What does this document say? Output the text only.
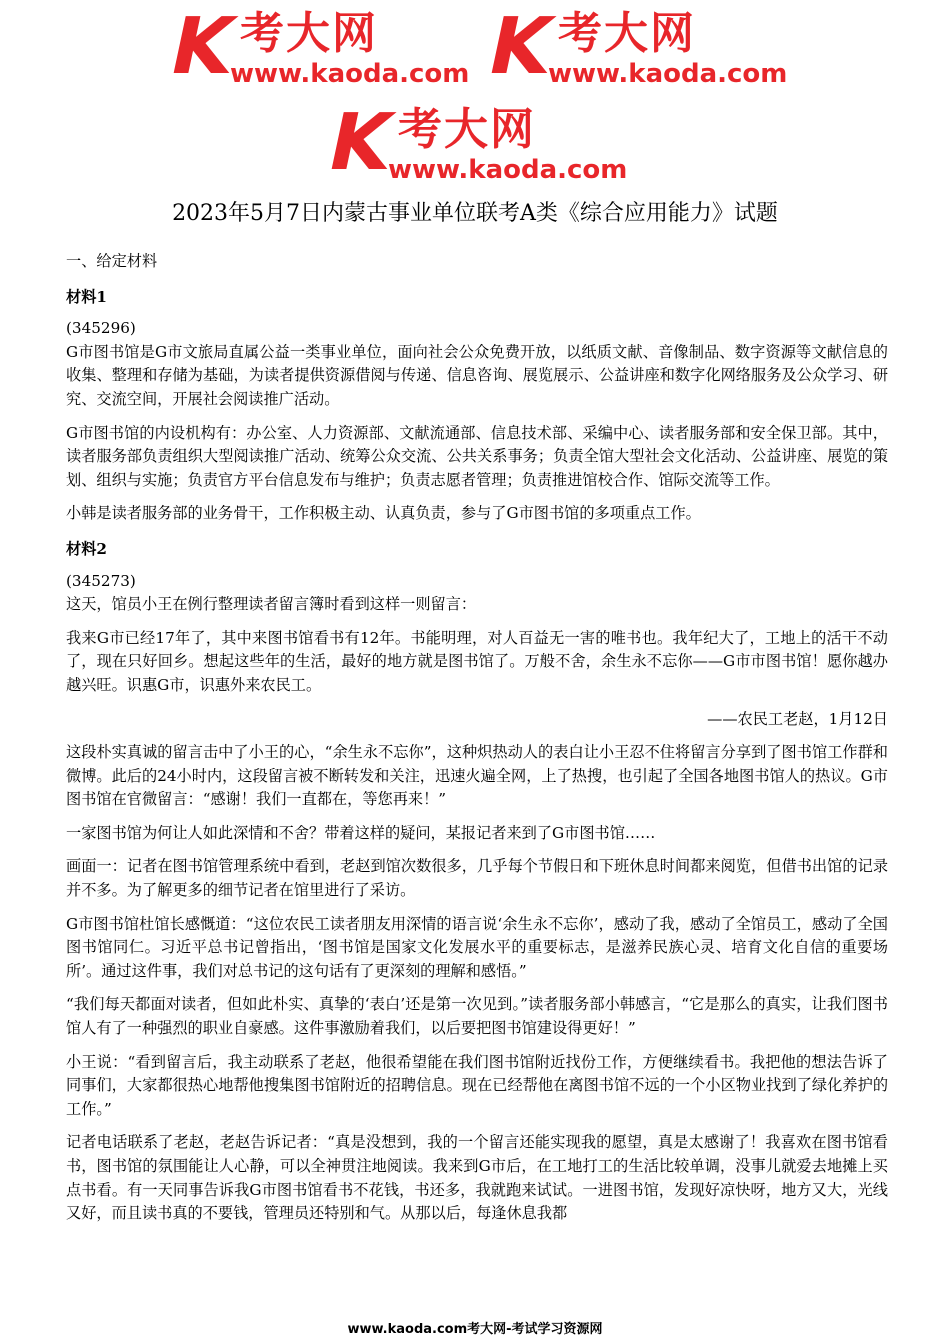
K
考大网
www.kaoda.com K
考大网
www.kaoda.com
K
考大网
www.kaoda.com
2023年5月7日内蒙古事业单位联考A类《综合应用能力》试题

一、给定材料

材料1

(345296)

G市图书馆是G市文旅局直属公益一类事业单位，面向社会公众免费开放，以纸质文献、音像制品、数字资源等文献信息的收集、整理和存储为基础，为读者提供资源借阅与传递、信息咨询、展览展示、公益讲座和数字化网络服务及公众学习、研究、交流空间，开展社会阅读推广活动。

G市图书馆的内设机构有：办公室、人力资源部、文献流通部、信息技术部、采编中心、读者服务部和安全保卫部。其中，读者服务部负责组织大型阅读推广活动、统筹公众交流、公共关系事务；负责全馆大型社会文化活动、公益讲座、展览的策划、组织与实施；负责官方平台信息发布与维护；负责志愿者管理；负责推进馆校合作、馆际交流等工作。

小韩是读者服务部的业务骨干，工作积极主动、认真负责，参与了G市图书馆的多项重点工作。

材料2

(345273)

这天，馆员小王在例行整理读者留言簿时看到这样一则留言：

我来G市已经17年了，其中来图书馆看书有12年。书能明理，对人百益无一害的唯书也。我年纪大了，工地上的活干不动了，现在只好回乡。想起这些年的生活，最好的地方就是图书馆了。万般不舍，余生永不忘你——G市市图书馆！愿你越办越兴旺。识惠G市，识惠外来农民工。

——农民工老赵，1月12日

这段朴实真诚的留言击中了小王的心，“余生永不忘你”，这种炽热动人的表白让小王忍不住将留言分享到了图书馆工作群和微博。此后的24小时内，这段留言被不断转发和关注，迅速火遍全网，上了热搜，也引起了全国各地图书馆人的热议。G市图书馆在官微留言：“感谢！我们一直都在，等您再来！”

一家图书馆为何让人如此深情和不舍？带着这样的疑问，某报记者来到了G市图书馆……

画面一：记者在图书馆管理系统中看到，老赵到馆次数很多，几乎每个节假日和下班休息时间都来阅览，但借书出馆的记录并不多。为了解更多的细节记者在馆里进行了采访。

G市图书馆杜馆长感慨道：“这位农民工读者朋友用深情的语言说‘余生永不忘你’，感动了我，感动了全馆员工，感动了全国图书馆同仁。习近平总书记曾指出，‘图书馆是国家文化发展水平的重要标志，是滋养民族心灵、培育文化自信的重要场所’。通过这件事，我们对总书记的这句话有了更深刻的理解和感悟。”

“我们每天都面对读者，但如此朴实、真挚的‘表白’还是第一次见到。”读者服务部小韩感言，“它是那么的真实，让我们图书馆人有了一种强烈的职业自豪感。这件事激励着我们，以后要把图书馆建设得更好！”

小王说：“看到留言后，我主动联系了老赵，他很希望能在我们图书馆附近找份工作，方便继续看书。我把他的想法告诉了同事们，大家都很热心地帮他搜集图书馆附近的招聘信息。现在已经帮他在离图书馆不远的一个小区物业找到了绿化养护的工作。”

记者电话联系了老赵，老赵告诉记者：“真是没想到，我的一个留言还能实现我的愿望，真是太感谢了！我喜欢在图书馆看书，图书馆的氛围能让人心静，可以全神贯注地阅读。我来到G市后，在工地打工的生活比较单调，没事儿就爱去地摊上买点书看。有一天同事告诉我G市图书馆看书不花钱，书还多，我就跑来试试。一进图书馆，发现好凉快呀，地方又大，光线又好，而且读书真的不要钱，管理员还特别和气。从那以后，每逢休息我都

www.kaoda.com考大网-考试学习资源网
